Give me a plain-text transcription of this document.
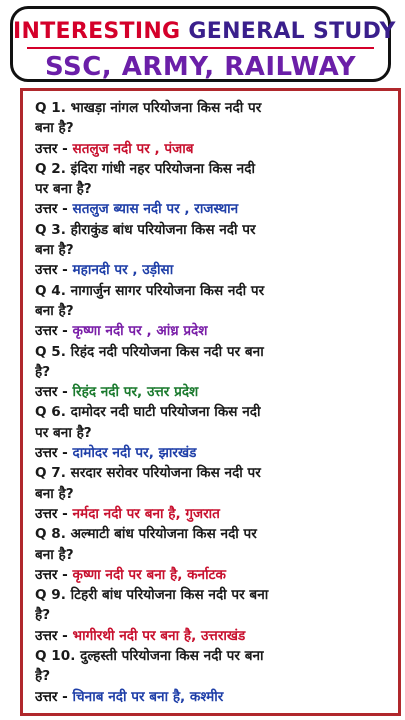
INTERESTING GENERAL STUDY
SSC, ARMY, RAILWAY
Q 1. भाखड़ा नांगल परियोजना किस नदी पर
बना है?
उत्तर - सतलुज नदी पर , पंजाब
Q 2. इंदिरा गांधी नहर परियोजना किस नदी
पर बना है?
उत्तर - सतलुज ब्यास नदी पर , राजस्थान
Q 3. हीराकुंड बांध परियोजना किस नदी पर
बना है?
उत्तर - महानदी पर , उड़ीसा
Q 4. नागार्जुन सागर परियोजना किस नदी पर
बना है?
उत्तर - कृष्णा नदी पर , आंध्र प्रदेश
Q 5. रिहंद नदी परियोजना किस नदी पर बना
है?
उत्तर - रिहंद नदी पर, उत्तर प्रदेश
Q 6. दामोदर नदी घाटी परियोजना किस नदी
पर बना है?
उत्तर - दामोदर नदी पर, झारखंड
Q 7. सरदार सरोवर परियोजना किस नदी पर
बना है?
उत्तर - नर्मदा नदी पर बना है, गुजरात
Q 8. अल्माटी बांध परियोजना किस नदी पर
बना है?
उत्तर - कृष्णा नदी पर बना है, कर्नाटक
Q 9. टिहरी बांध परियोजना किस नदी पर बना
है?
उत्तर - भागीरथी नदी पर बना है, उत्तराखंड
Q 10. दुल्हस्ती परियोजना किस नदी पर बना
है?
उत्तर - चिनाब नदी पर बना है, कश्मीर
